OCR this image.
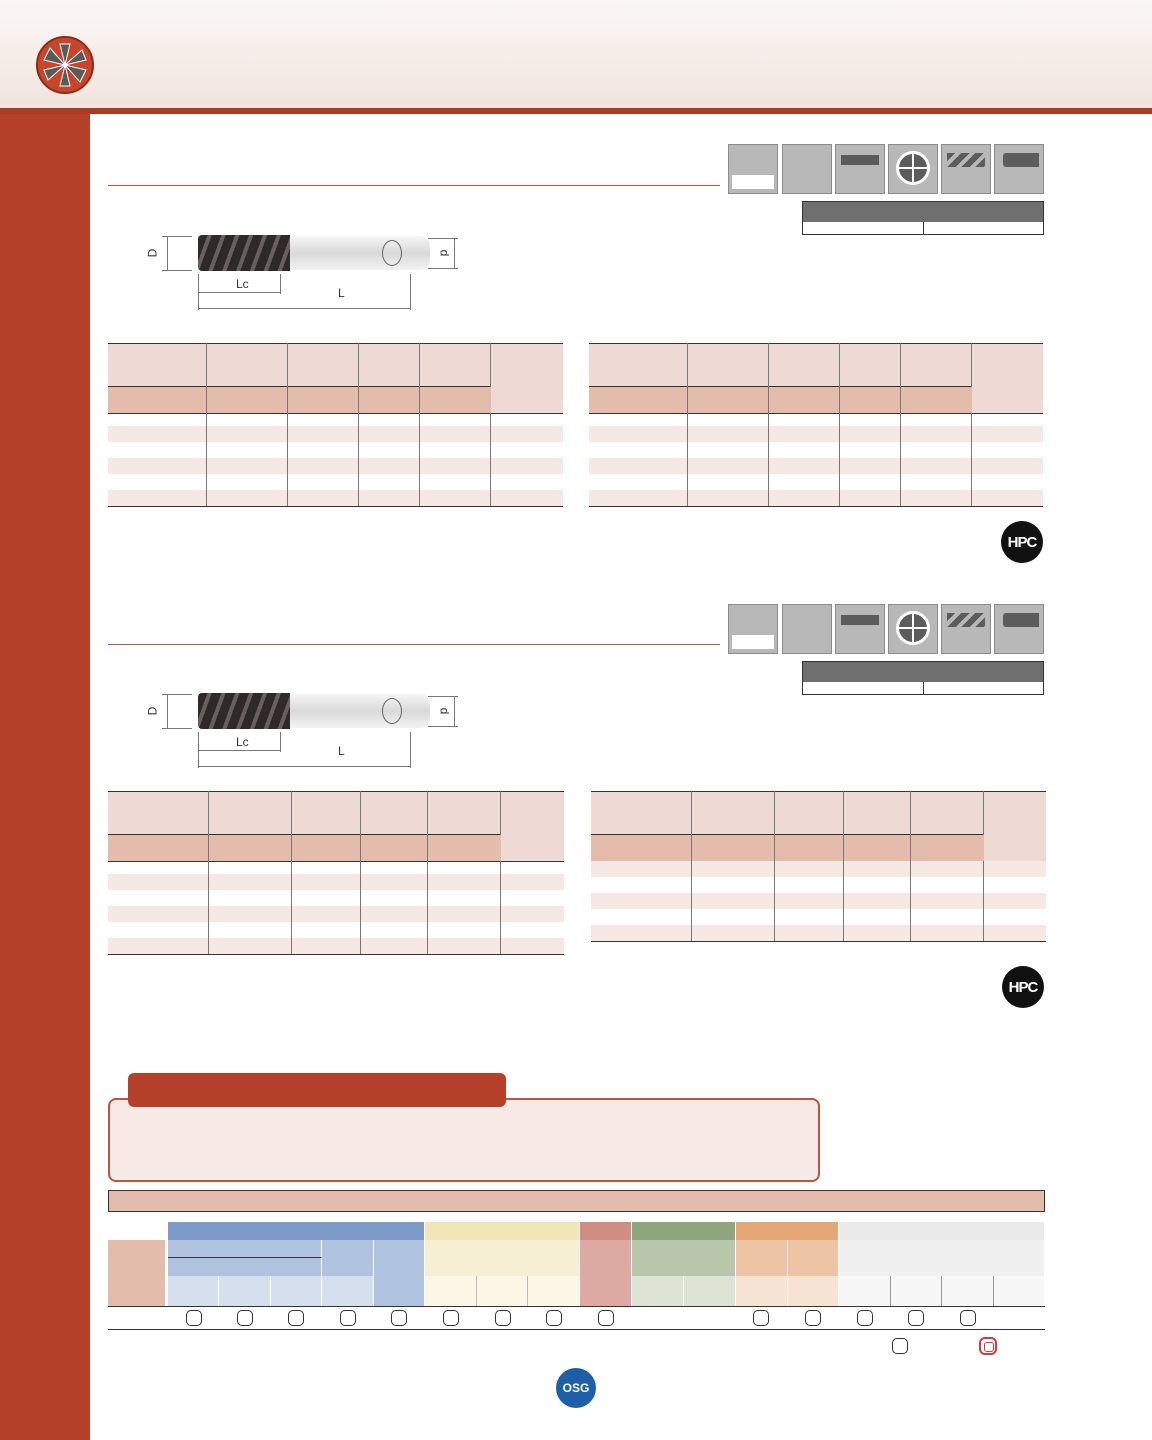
D	d
Lc
L

HPC
D	d
Lc
L

HPC
OSG
